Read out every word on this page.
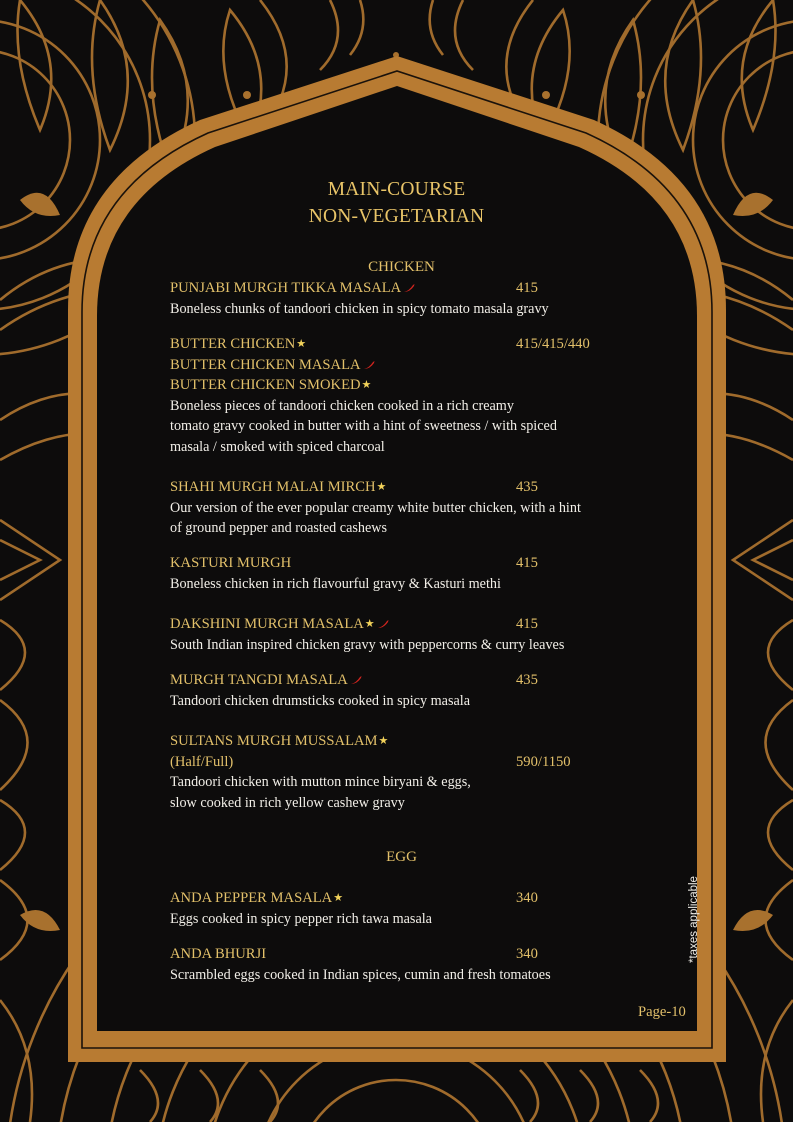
MAIN-COURSE
NON-VEGETARIAN
CHICKEN
PUNJABI MURGH TIKKA MASALA	415
Boneless chunks of tandoori chicken in spicy tomato masala gravy
BUTTER CHICKEN★
BUTTER CHICKEN MASALA
BUTTER CHICKEN SMOKED★
415/415/440
Boneless pieces of tandoori chicken cooked in a rich creamy
tomato gravy cooked in butter with a hint of sweetness / with spiced
masala / smoked with spiced charcoal
SHAHI MURGH MALAI MIRCH★	435
Our version of the ever popular creamy white butter chicken, with a hint
of ground pepper and roasted cashews
KASTURI MURGH	415
Boneless chicken in rich flavourful gravy & Kasturi methi
DAKSHINI MURGH MASALA★	415
South Indian inspired chicken gravy with peppercorns & curry leaves
MURGH TANGDI MASALA	435
Tandoori chicken drumsticks cooked in spicy masala
SULTANS MURGH MUSSALAM★
(Half/Full)	590/1150
Tandoori chicken with mutton mince biryani & eggs,
slow cooked in rich yellow cashew gravy
EGG
ANDA PEPPER MASALA★	340
Eggs cooked in spicy pepper rich tawa masala
ANDA BHURJI	340
Scrambled eggs cooked in Indian spices, cumin and fresh tomatoes
*taxes applicable
Page-10
